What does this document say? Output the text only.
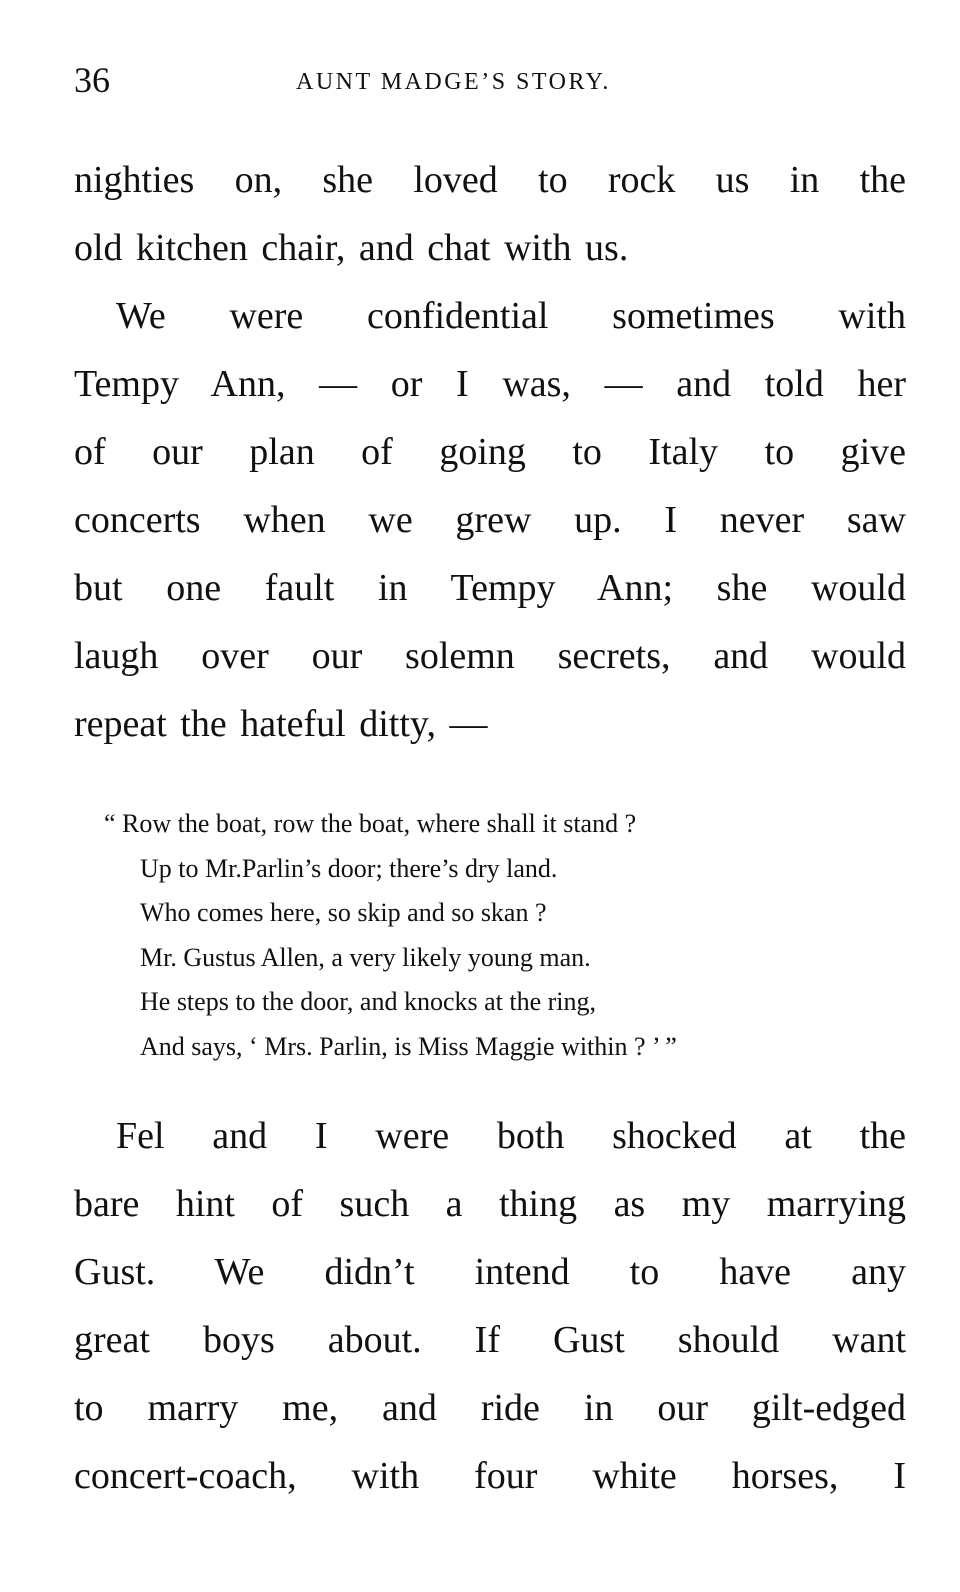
36	AUNT MADGE’S STORY.
nighties on, she loved to rock us in the
old kitchen chair, and chat with us.
We were confidential sometimes with
Tempy Ann, — or I was, — and told her
of our plan of going to Italy to give
concerts when we grew up. I never saw
but one fault in Tempy Ann; she would
laugh over our solemn secrets, and would
repeat the hateful ditty, —
“ Row the boat, row the boat, where shall it stand ?
Up to Mr.Parlin’s door; there’s dry land.
Who comes here, so skip and so skan ?
Mr. Gustus Allen, a very likely young man.
He steps to the door, and knocks at the ring,
And says, ‘ Mrs. Parlin, is Miss Maggie within ? ’ ”
Fel and I were both shocked at the
bare hint of such a thing as my marrying
Gust. We didn’t intend to have any
great boys about. If Gust should want
to marry me, and ride in our gilt-edged
concert-coach, with four white horses, I
